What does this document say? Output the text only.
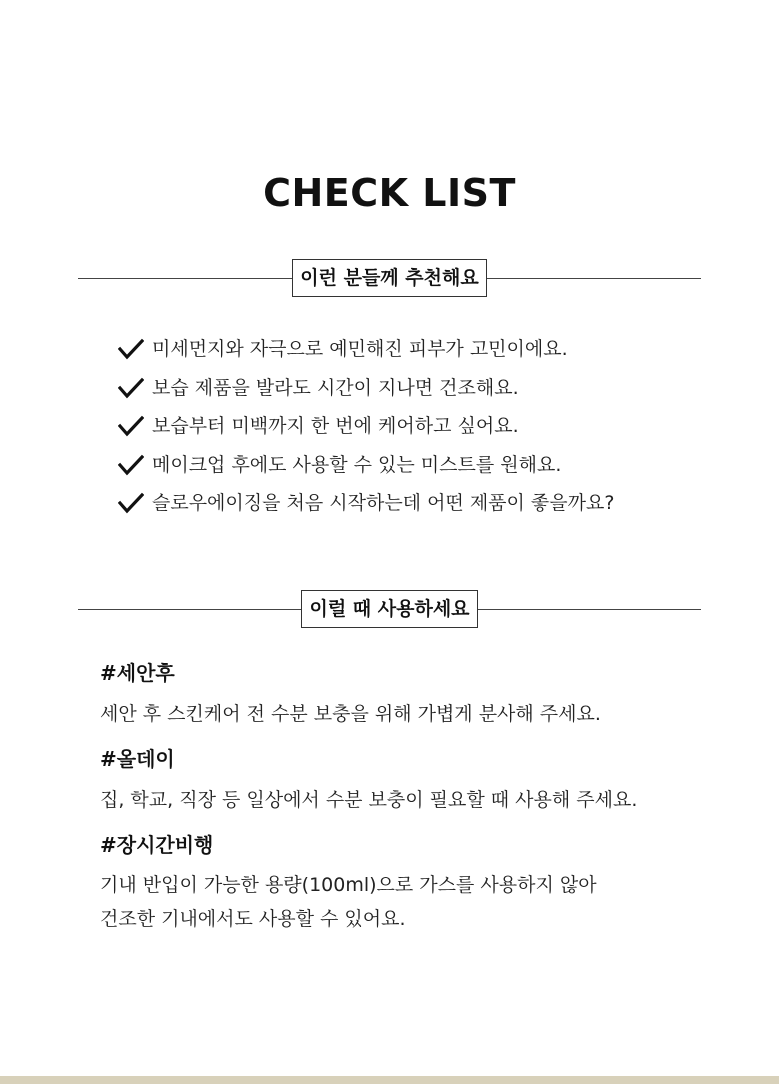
CHECK LIST
이런 분들께 추천해요
미세먼지와 자극으로 예민해진 피부가 고민이에요.
보습 제품을 발라도 시간이 지나면 건조해요.
보습부터 미백까지 한 번에 케어하고 싶어요.
메이크업 후에도 사용할 수 있는 미스트를 원해요.
슬로우에이징을 처음 시작하는데 어떤 제품이 좋을까요?
이럴 때 사용하세요
#세안후
세안 후 스킨케어 전 수분 보충을 위해 가볍게 분사해 주세요.
#올데이
집, 학교, 직장 등 일상에서 수분 보충이 필요할 때 사용해 주세요.
#장시간비행
기내 반입이 가능한 용량(100ml)으로 가스를 사용하지 않아
건조한 기내에서도 사용할 수 있어요.
